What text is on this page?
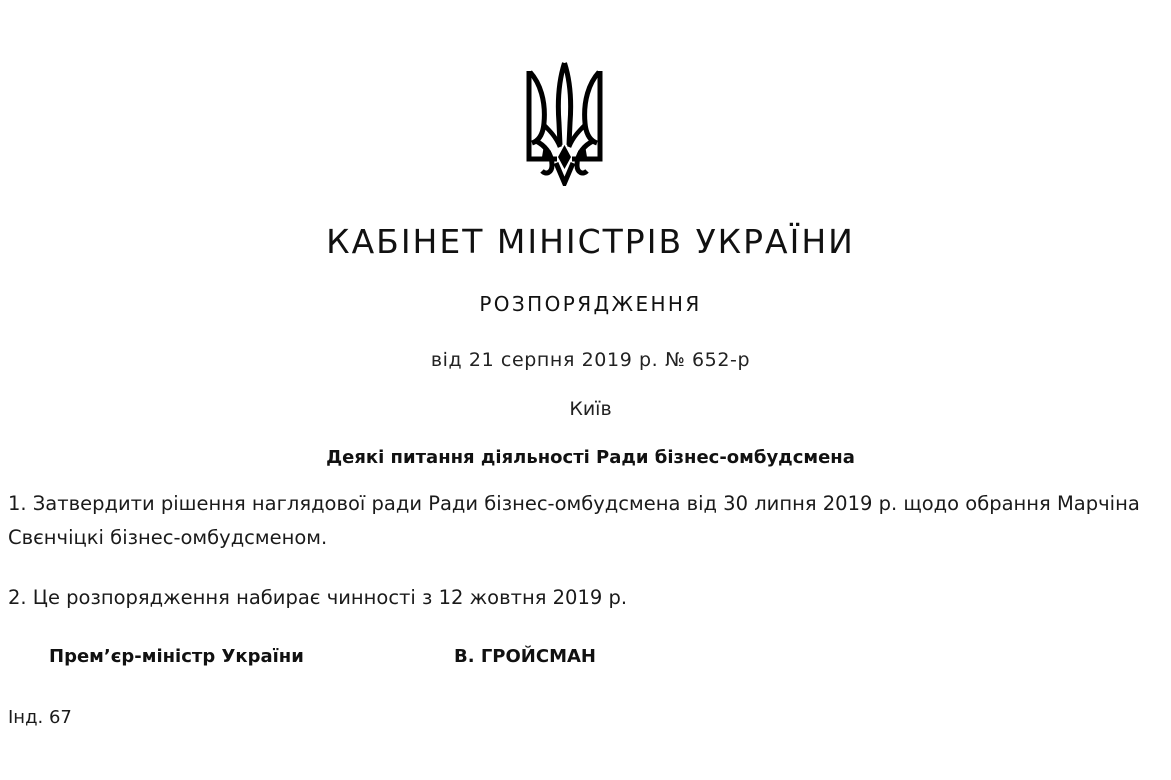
КАБІНЕТ МІНІСТРІВ УКРАЇНИ
РОЗПОРЯДЖЕННЯ
від 21 серпня 2019 р. № 652-р
Київ
Деякі питання діяльності Ради бізнес-омбудсмена
1. Затвердити рішення наглядової ради Ради бізнес-омбудсмена від 30 липня 2019 р. щодо обрання Марчіна Свєнчіцкі бізнес-омбудсменом.
2. Це розпорядження набирає чинності з 12 жовтня 2019 р.
Прем’єр-міністр України	В. ГРОЙСМАН
Інд. 67
